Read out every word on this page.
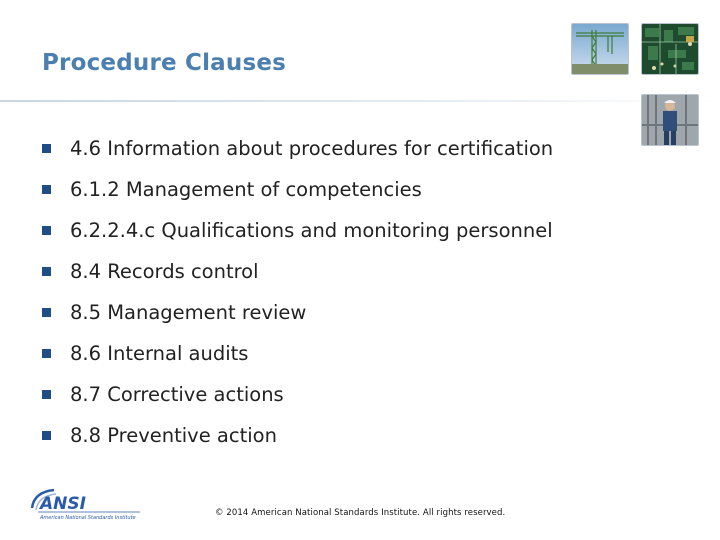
Procedure Clauses
4.6 Information about procedures for certification
6.1.2 Management of competencies
6.2.2.4.c Qualifications and monitoring personnel
8.4 Records control
8.5 Management review
8.6 Internal audits
8.7 Corrective actions
8.8 Preventive action
ANSI
American National Standards Institute	© 2014 American National Standards Institute. All rights reserved.
